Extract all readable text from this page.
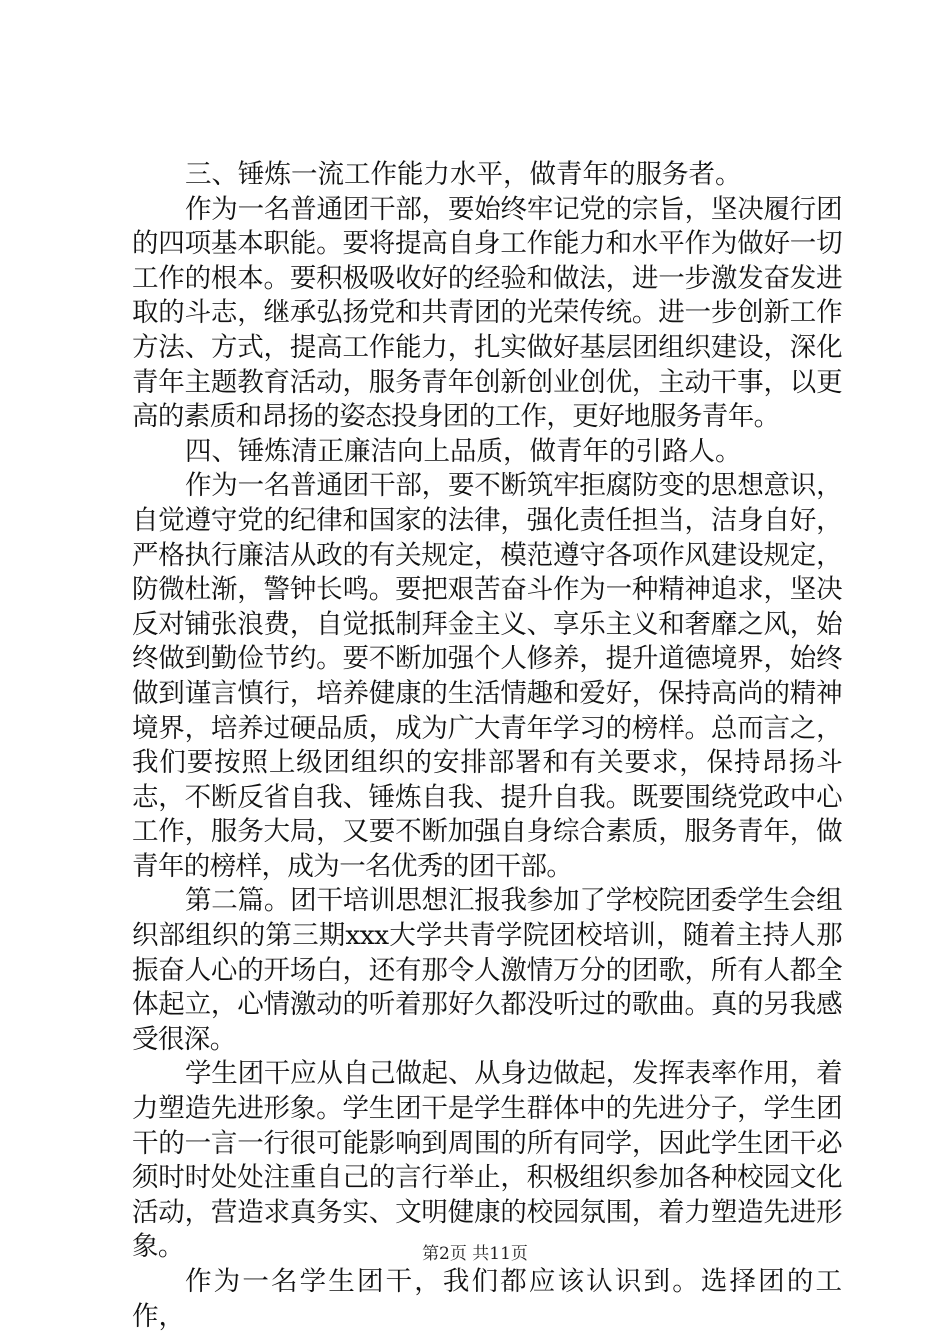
三、锤炼一流工作能力水平，做青年的服务者。

作为一名普通团干部，要始终牢记党的宗旨，坚决履行团的四项基本职能。要将提高自身工作能力和水平作为做好一切工作的根本。要积极吸收好的经验和做法，进一步激发奋发进取的斗志，继承弘扬党和共青团的光荣传统。进一步创新工作方法、方式，提高工作能力，扎实做好基层团组织建设，深化青年主题教育活动，服务青年创新创业创优，主动干事，以更高的素质和昂扬的姿态投身团的工作，更好地服务青年。

四、锤炼清正廉洁向上品质，做青年的引路人。

作为一名普通团干部，要不断筑牢拒腐防变的思想意识，自觉遵守党的纪律和国家的法律，强化责任担当，洁身自好，严格执行廉洁从政的有关规定，模范遵守各项作风建设规定，防微杜渐，警钟长鸣。要把艰苦奋斗作为一种精神追求，坚决反对铺张浪费，自觉抵制拜金主义、享乐主义和奢靡之风，始终做到勤俭节约。要不断加强个人修养，提升道德境界，始终做到谨言慎行，培养健康的生活情趣和爱好，保持高尚的精神境界，培养过硬品质，成为广大青年学习的榜样。总而言之，我们要按照上级团组织的安排部署和有关要求，保持昂扬斗志，不断反省自我、锤炼自我、提升自我。既要围绕党政中心工作，服务大局，又要不断加强自身综合素质，服务青年，做青年的榜样，成为一名优秀的团干部。

第二篇。团干培训思想汇报我参加了学校院团委学生会组织部组织的第三期xxx大学共青学院团校培训，随着主持人那振奋人心的开场白，还有那令人激情万分的团歌，所有人都全体起立，心情激动的听着那好久都没听过的歌曲。真的另我感受很深。

学生团干应从自己做起、从身边做起，发挥表率作用，着力塑造先进形象。学生团干是学生群体中的先进分子，学生团干的一言一行很可能影响到周围的所有同学，因此学生团干必须时时处处注重自己的言行举止，积极组织参加各种校园文化活动，营造求真务实、文明健康的校园氛围，着力塑造先进形象。

作为一名学生团干，我们都应该认识到。选择团的工作，

第2页 共11页
